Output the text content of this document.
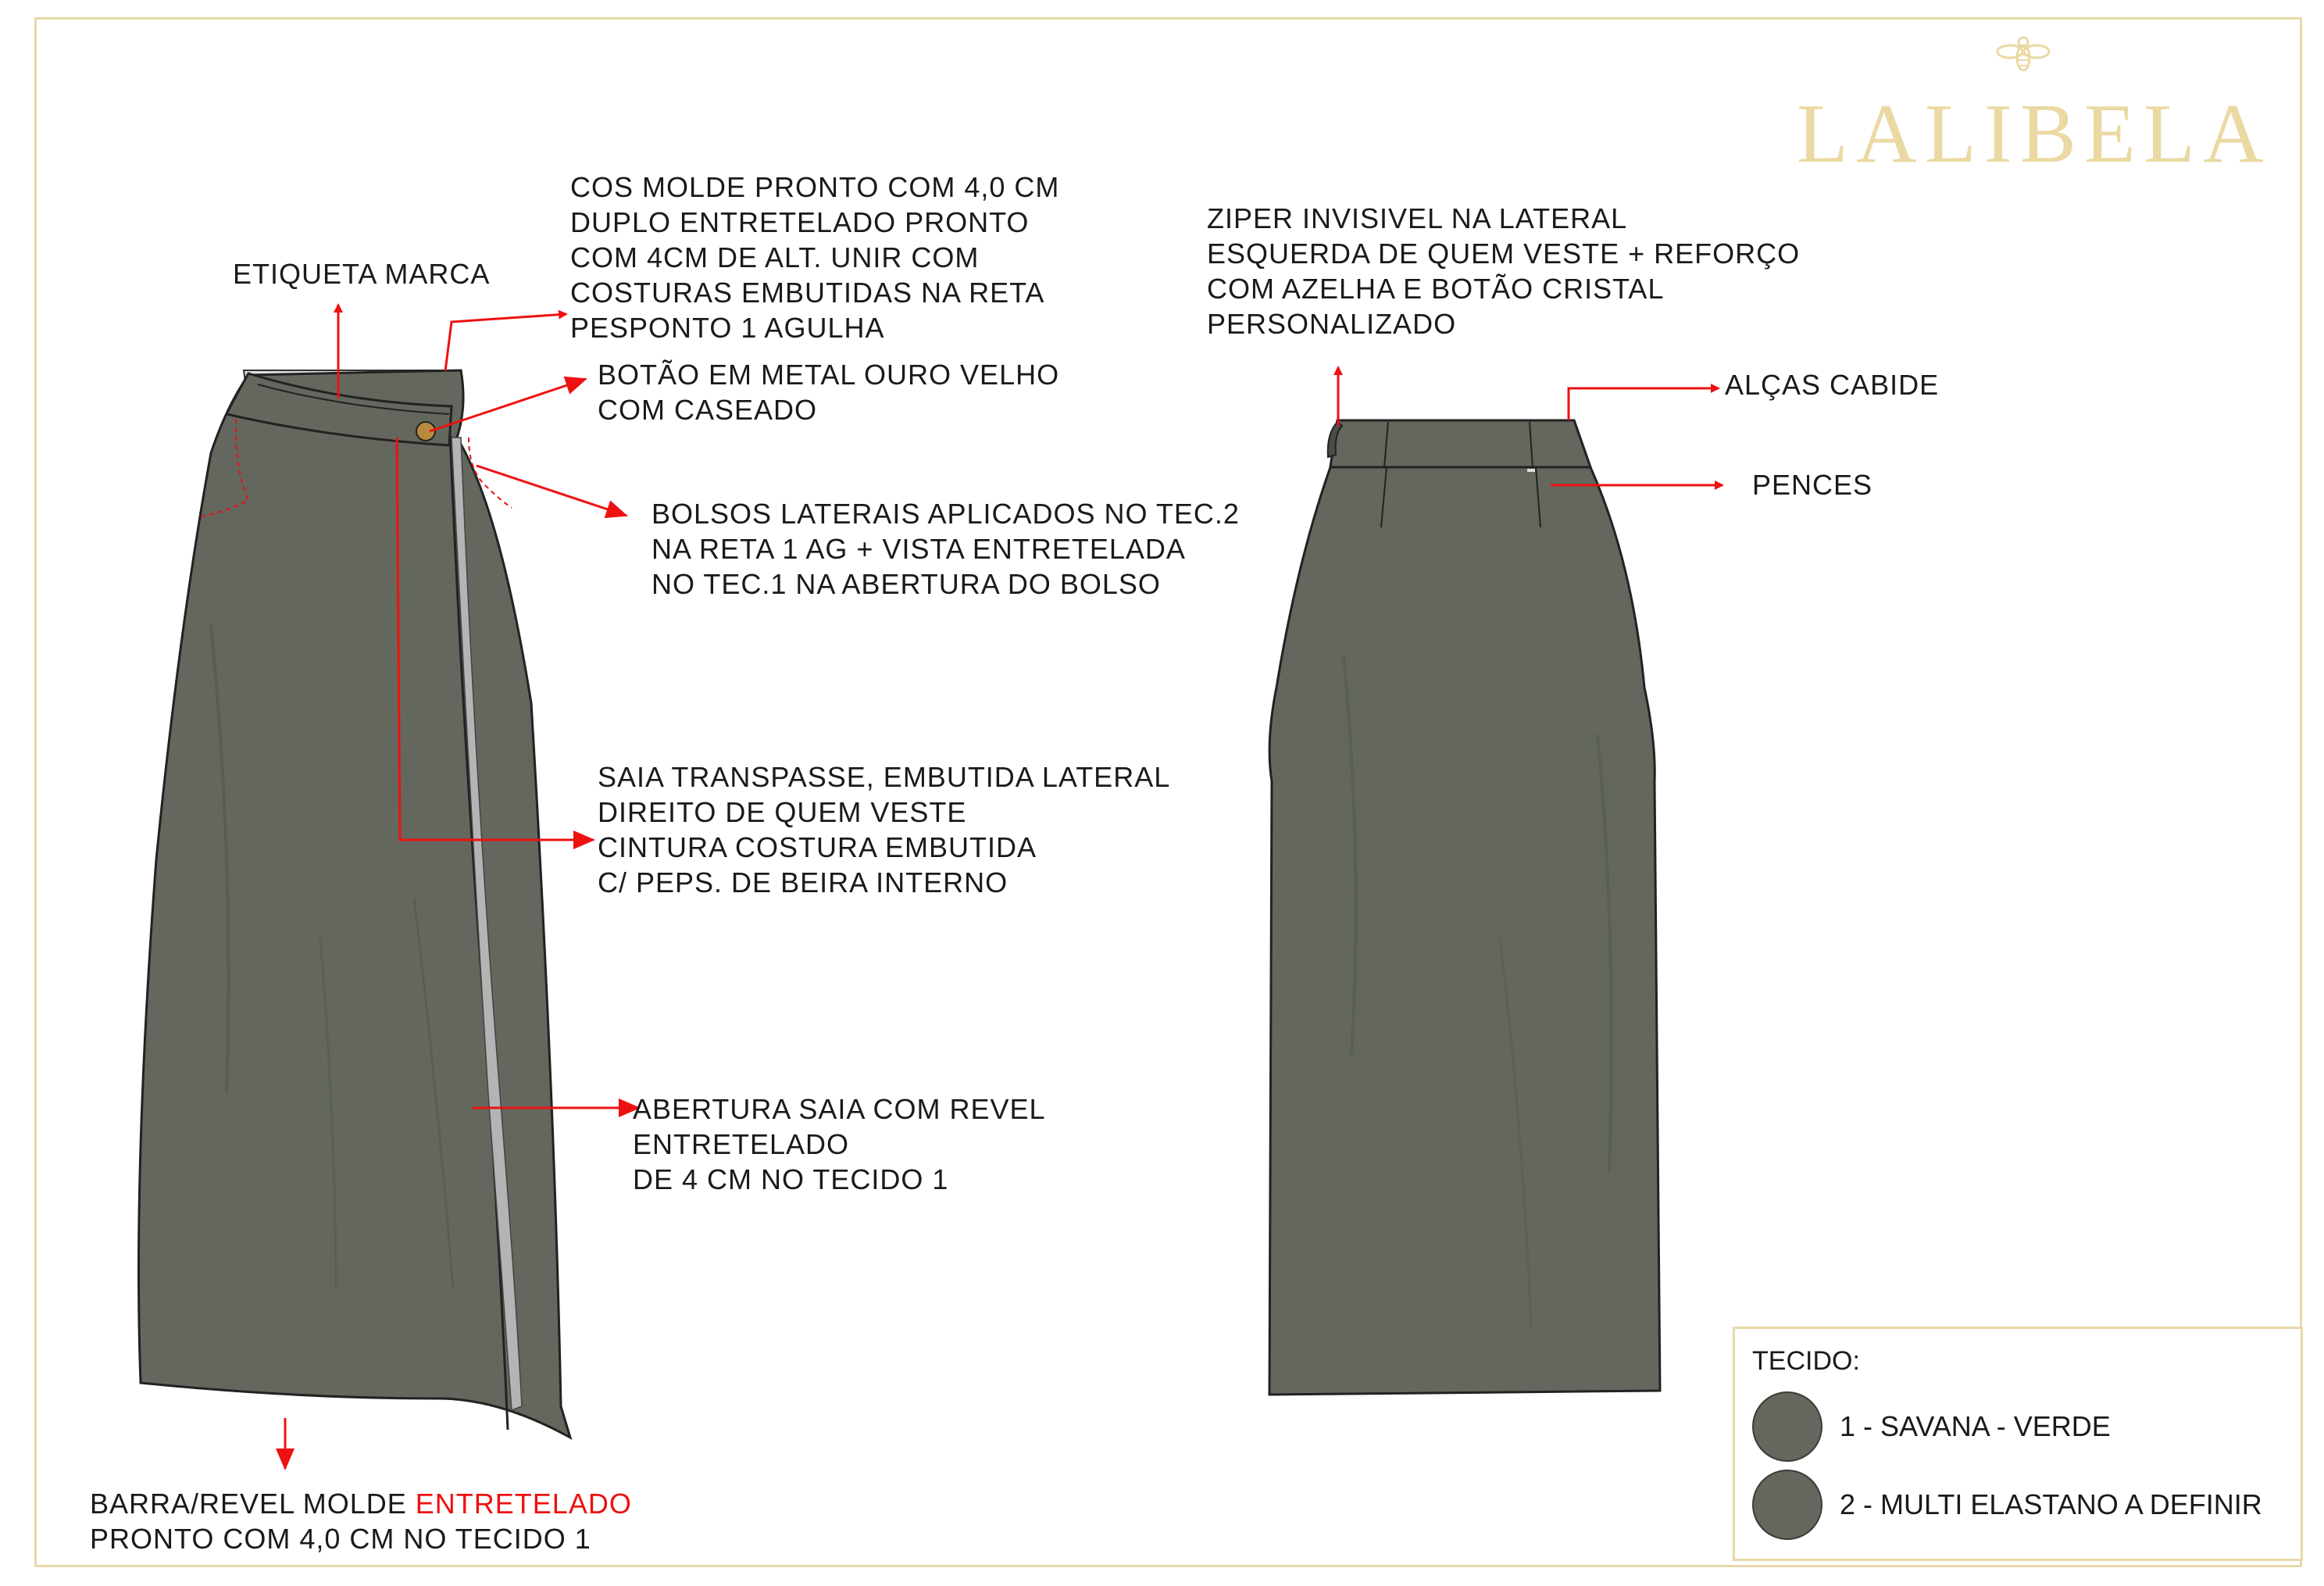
LALIBELA
ETIQUETA MARCA
COS MOLDE PRONTO COM 4,0 CM
DUPLO ENTRETELADO PRONTO
COM 4CM DE ALT. UNIR COM
COSTURAS EMBUTIDAS NA RETA
PESPONTO 1 AGULHA
BOTÃO EM METAL OURO VELHO
COM CASEADO
BOLSOS LATERAIS APLICADOS NO TEC.2
NA RETA 1 AG + VISTA ENTRETELADA
NO TEC.1 NA ABERTURA DO BOLSO
SAIA TRANSPASSE, EMBUTIDA LATERAL
DIREITO DE QUEM VESTE
CINTURA COSTURA EMBUTIDA
C/ PEPS. DE BEIRA INTERNO
ABERTURA SAIA COM REVEL
ENTRETELADO
DE 4 CM NO TECIDO 1
BARRA/REVEL MOLDE ENTRETELADO
PRONTO COM 4,0 CM NO TECIDO 1
ZIPER INVISIVEL NA LATERAL
ESQUERDA DE QUEM VESTE + REFORÇO
COM AZELHA E BOTÃO CRISTAL
PERSONALIZADO
ALÇAS CABIDE
PENCES
TECIDO:
1 - SAVANA - VERDE
2 - MULTI ELASTANO A DEFINIR
